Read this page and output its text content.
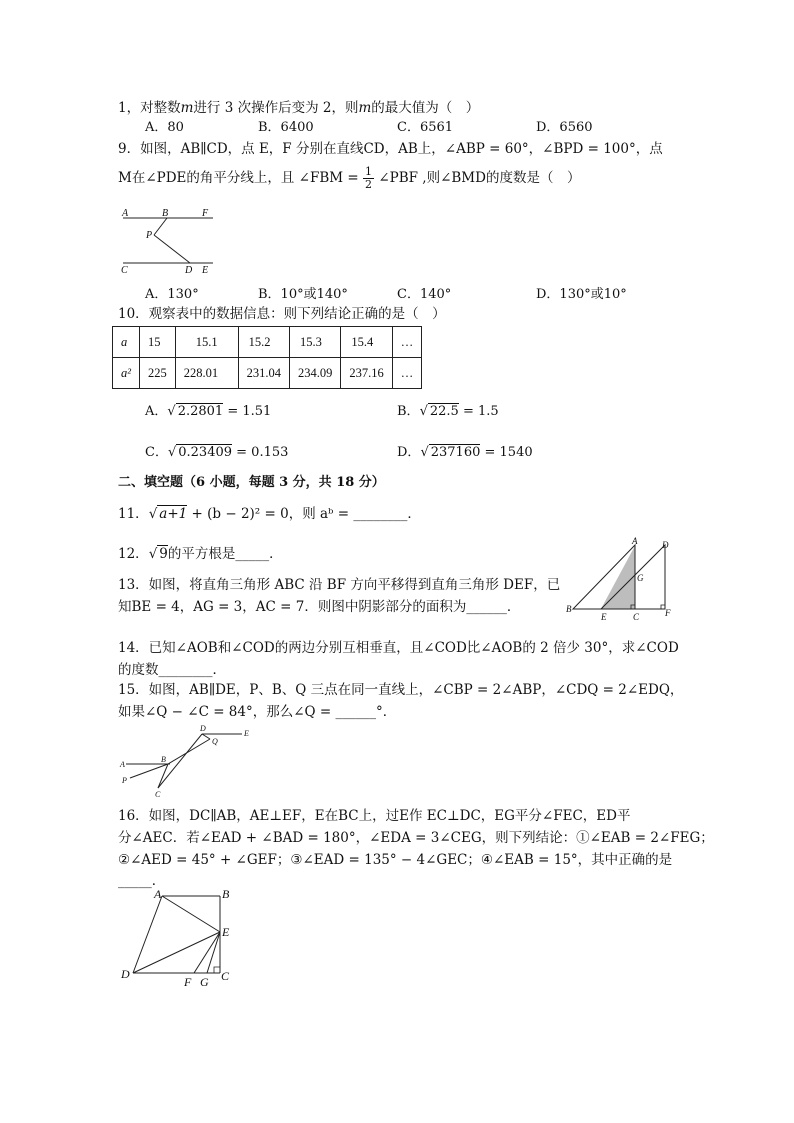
1，对整数m进行 3 次操作后变为 2，则m的最大值为（　）
A．80	B．6400	C．6561	D．6560
9．如图，AB∥CD，点 E，F 分别在直线CD，AB上，∠ABP = 60°，∠BPD = 100°，点
M在∠PDE的角平分线上，且 ∠FBM = $\frac{1}{2}$ ∠PBF ,则∠BMD的度数是（　）
A	B	F
P
C	D E
A．130°	B．10°或140°	C．140°	D．130°或10°
10．观察表中的数据信息：则下列结论正确的是（　）
a	15	15.1	15.2	15.3	15.4	…
a²	225	228.01	231.04	234.09	237.16	…
A．√ 2.2801 = 1.51	B．√ 22.5 = 1.5
C．√ 0.23409 = 0.153	D．√ 237160 = 1540
二、填空题（6 小题，每题 3 分，共 18 分）
11．√ a+1 + (b − 2)² = 0，则 aᵇ = ________．
12．√ 9的平方根是_____．
13．如图，将直角三角形 ABC 沿 BF 方向平移得到直角三角形 DEF，已
知BE = 4，AG = 3，AC = 7．则图中阴影部分的面积为______．
A	D
G
B
E	C	F
14．已知∠AOB和∠COD的两边分别互相垂直，且∠COD比∠AOB的 2 倍少 30°，求∠COD
的度数________．
15．如图，AB∥DE，P、B、Q 三点在同一直线上，∠CBP = 2∠ABP，∠CDQ = 2∠EDQ，
如果∠Q − ∠C = 84°，那么∠Q = ______°．
D
Q
E
A
B
P
C
16．如图，DC∥AB，AE⊥EF，E在BC上，过E作 EC⊥DC，EG平分∠FEC，ED平
分∠AEC．若∠EAD + ∠BAD = 180°，∠EDA = 3∠CEG，则下列结论：①∠EAB = 2∠FEG；
②∠AED = 45° + ∠GEF；③∠EAD = 135° − 4∠GEC；④∠EAB = 15°，其中正确的是
_____．
A	B
E
D
F G C
